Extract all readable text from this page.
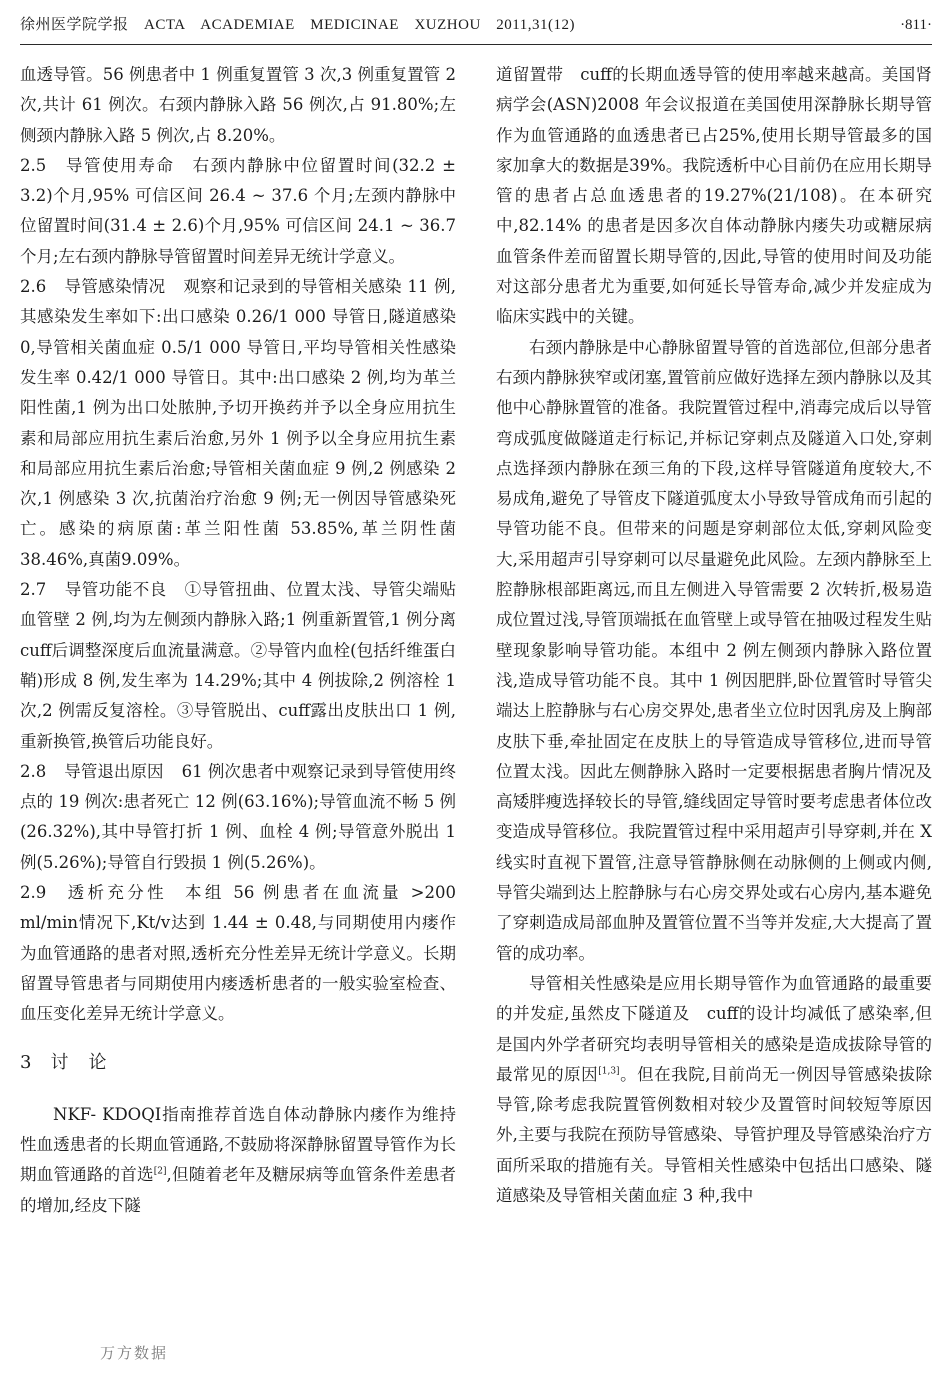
徐州医学院学报　ACTA　ACADEMIAE　MEDICINAE　XUZHOU　2011,31(12)	·811·

血透导管。56 例患者中 1 例重复置管 3 次,3 例重复置管 2 次,共计 61 例次。右颈内静脉入路 56 例次,占 91.80%;左侧颈内静脉入路 5 例次,占 8.20%。

2.5 导管使用寿命 右颈内静脉中位留置时间(32.2 ± 3.2)个月,95% 可信区间 26.4 ~ 37.6 个月;左颈内静脉中位留置时间(31.4 ± 2.6)个月,95% 可信区间 24.1 ~ 36.7 个月;左右颈内静脉导管留置时间差异无统计学意义。

2.6 导管感染情况 观察和记录到的导管相关感染 11 例,其感染发生率如下:出口感染 0.26/1 000 导管日,隧道感染 0,导管相关菌血症 0.5/1 000 导管日,平均导管相关性感染发生率 0.42/1 000 导管日。其中:出口感染 2 例,均为革兰阳性菌,1 例为出口处脓肿,予切开换药并予以全身应用抗生素和局部应用抗生素后治愈,另外 1 例予以全身应用抗生素和局部应用抗生素后治愈;导管相关菌血症 9 例,2 例感染 2 次,1 例感染 3 次,抗菌治疗治愈 9 例;无一例因导管感染死亡。感染的病原菌:革兰阳性菌 53.85%,革兰阴性菌 38.46%,真菌9.09%。

2.7 导管功能不良 ①导管扭曲、位置太浅、导管尖端贴血管壁 2 例,均为左侧颈内静脉入路;1 例重新置管,1 例分离　cuff后调整深度后血流量满意。②导管内血栓(包括纤维蛋白鞘)形成 8 例,发生率为 14.29%;其中 4 例拔除,2 例溶栓 1 次,2 例需反复溶栓。③导管脱出、cuff露出皮肤出口 1 例,重新换管,换管后功能良好。

2.8 导管退出原因 61 例次患者中观察记录到导管使用终点的 19 例次:患者死亡 12 例(63.16%);导管血流不畅 5 例(26.32%),其中导管打折 1 例、血栓 4 例;导管意外脱出 1 例(5.26%);导管自行毁损 1 例(5.26%)。

2.9 透析充分性 本组 56 例患者在血流量 >200 ml/min情况下,Kt/v达到 1.44 ± 0.48,与同期使用内瘘作为血管通路的患者对照,透析充分性差异无统计学意义。长期留置导管患者与同期使用内瘘透析患者的一般实验室检查、血压变化差异无统计学意义。

3 讨　论

NKF- KDOQI指南推荐首选自体动静脉内瘘作为维持性血透患者的长期血管通路,不鼓励将深静脉留置导管作为长期血管通路的首选[2],但随着老年及糖尿病等血管条件差患者的增加,经皮下隧

道留置带　cuff的长期血透导管的使用率越来越高。美国肾病学会(ASN)2008 年会议报道在美国使用深静脉长期导管作为血管通路的血透患者已占25%,使用长期导管最多的国家加拿大的数据是39%。我院透析中心目前仍在应用长期导管的患者占总血透患者的19.27%(21/108)。在本研究中,82.14% 的患者是因多次自体动静脉内瘘失功或糖尿病血管条件差而留置长期导管的,因此,导管的使用时间及功能对这部分患者尤为重要,如何延长导管寿命,减少并发症成为临床实践中的关键。

右颈内静脉是中心静脉留置导管的首选部位,但部分患者右颈内静脉狭窄或闭塞,置管前应做好选择左颈内静脉以及其他中心静脉置管的准备。我院置管过程中,消毒完成后以导管弯成弧度做隧道走行标记,并标记穿刺点及隧道入口处,穿刺点选择颈内静脉在颈三角的下段,这样导管隧道角度较大,不易成角,避免了导管皮下隧道弧度太小导致导管成角而引起的导管功能不良。但带来的问题是穿刺部位太低,穿刺风险变大,采用超声引导穿刺可以尽量避免此风险。左颈内静脉至上腔静脉根部距离远,而且左侧进入导管需要 2 次转折,极易造成位置过浅,导管顶端抵在血管壁上或导管在抽吸过程发生贴壁现象影响导管功能。本组中 2 例左侧颈内静脉入路位置浅,造成导管功能不良。其中 1 例因肥胖,卧位置管时导管尖端达上腔静脉与右心房交界处,患者坐立位时因乳房及上胸部皮肤下垂,牵扯固定在皮肤上的导管造成导管移位,进而导管位置太浅。因此左侧静脉入路时一定要根据患者胸片情况及高矮胖瘦选择较长的导管,缝线固定导管时要考虑患者体位改变造成导管移位。我院置管过程中采用超声引导穿刺,并在 X线实时直视下置管,注意导管静脉侧在动脉侧的上侧或内侧,导管尖端到达上腔静脉与右心房交界处或右心房内,基本避免了穿刺造成局部血肿及置管位置不当等并发症,大大提高了置管的成功率。

导管相关性感染是应用长期导管作为血管通路的最重要的并发症,虽然皮下隧道及　cuff的设计均减低了感染率,但是国内外学者研究均表明导管相关的感染是造成拔除导管的最常见的原因[1,3]。但在我院,目前尚无一例因导管感染拔除导管,除考虑我院置管例数相对较少及置管时间较短等原因外,主要与我院在预防导管感染、导管护理及导管感染治疗方面所采取的措施有关。导管相关性感染中包括出口感染、隧道感染及导管相关菌血症 3 种,我中

万方数据
